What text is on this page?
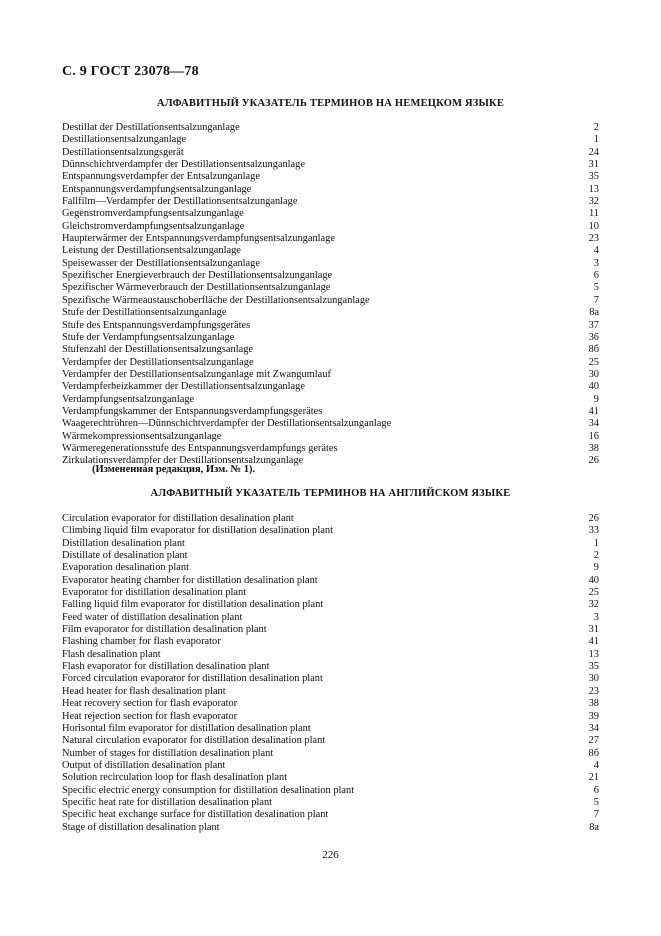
С. 9 ГОСТ 23078—78
АЛФАВИТНЫЙ УКАЗАТЕЛЬ ТЕРМИНОВ НА НЕМЕЦКОМ ЯЗЫКЕ
Destillat der Destillationsentsalzunganlage	2
Destillationsentsalzunganlage	1
Destillationsentsalzungsgerät	24
Dünnschichtverdampfer der Destillationsentsalzunganlage	31
Entspannungsverdampfer der Entsalzunganlage	35
Entspannungsverdampfungsentsalzunganlage	13
Fallfilm—Verdampfer der Destillationsentsalzunganlage	32
Gegenstromverdampfungsentsalzunganlage	11
Gleichstromverdampfungsentsalzunganlage	10
Haupterwärmer der Entspannungsverdampfungsentsalzunganlage	23
Leistung der Destillationsentsalzunganlage	4
Speisewasser der Destillationsentsalzunganlage	3
Spezifischer Energieverbrauch der Destillationsentsalzunganlage	6
Spezifischer Wärmeverbrauch der Destillationsentsalzunganlage	5
Spezifische Wärmeaustauschoberfläche der Destillationsentsalzunganlage	7
Stufe der Destillationsentsalzunganlage	8a
Stufe des Entspannungsverdampfungsgerätes	37
Stufe der Verdampfungsentsalzunganlage	36
Stufenzahl der Destillationsentsalzungsanlage	8б
Verdampfer der Destillationsentsalzunganlage	25
Verdampfer der Destillationsentsalzunganlage mit Zwangumlauf	30
Verdampferheizkammer der Destillationsentsalzunganlage	40
Verdampfungsentsalzunganlage	9
Verdampfungskammer der Entspannungsverdampfungsgerätes	41
Waagerechtröhren—Dünnschichtverdampfer der Destillationsentsalzunganlage	34
Wärmekompressionsentsalzunganlage	16
Wärmeregenerationsstufe des Entspannungsverdampfungs gerätes	38
Zirkulationsverdampfer der Destillationsentsalzunganlage	26
(Измененная редакция, Изм. № 1).
АЛФАВИТНЫЙ УКАЗАТЕЛЬ ТЕРМИНОВ НА АНГЛИЙСКОМ ЯЗЫКЕ
Circulation evaporator for distillation desalination plant	26
Climbing liquid film evaporator for distillation desalination plant	33
Distillation desalination plant	1
Distillate of desalination plant	2
Evaporation desalination plant	9
Evaporator heating chamber for distillation desalination plant	40
Evaporator for distillation desalination plant	25
Falling liquid film evaporator for distillation desalination plant	32
Feed water of distillation desalination plant	3
Film evaporator for distillation desalination plant	31
Flashing chamber for flash evaporator	41
Flash desalination plant	13
Flash evaporator for distillation desalination plant	35
Forced circulation evaporator for distillation desalination plant	30
Head heater for flash desalination plant	23
Heat recovery section for flash evaporator	38
Heat rejection section for flash evaporator	39
Horisontal film evaporator for distillation desalination plant	34
Natural circulation evaporator for distillation desalination plant	27
Number of stages for distillation desalination plant	8б
Output of distillation desalination plant	4
Solution recirculation loop for flash desalination plant	21
Specific electric energy consumption for distillation desalination plant	6
Specific heat rate for distillation desalination plant	5
Specific heat exchange surface for distillation desalination plant	7
Stage of distillation desalination plant	8a
226
